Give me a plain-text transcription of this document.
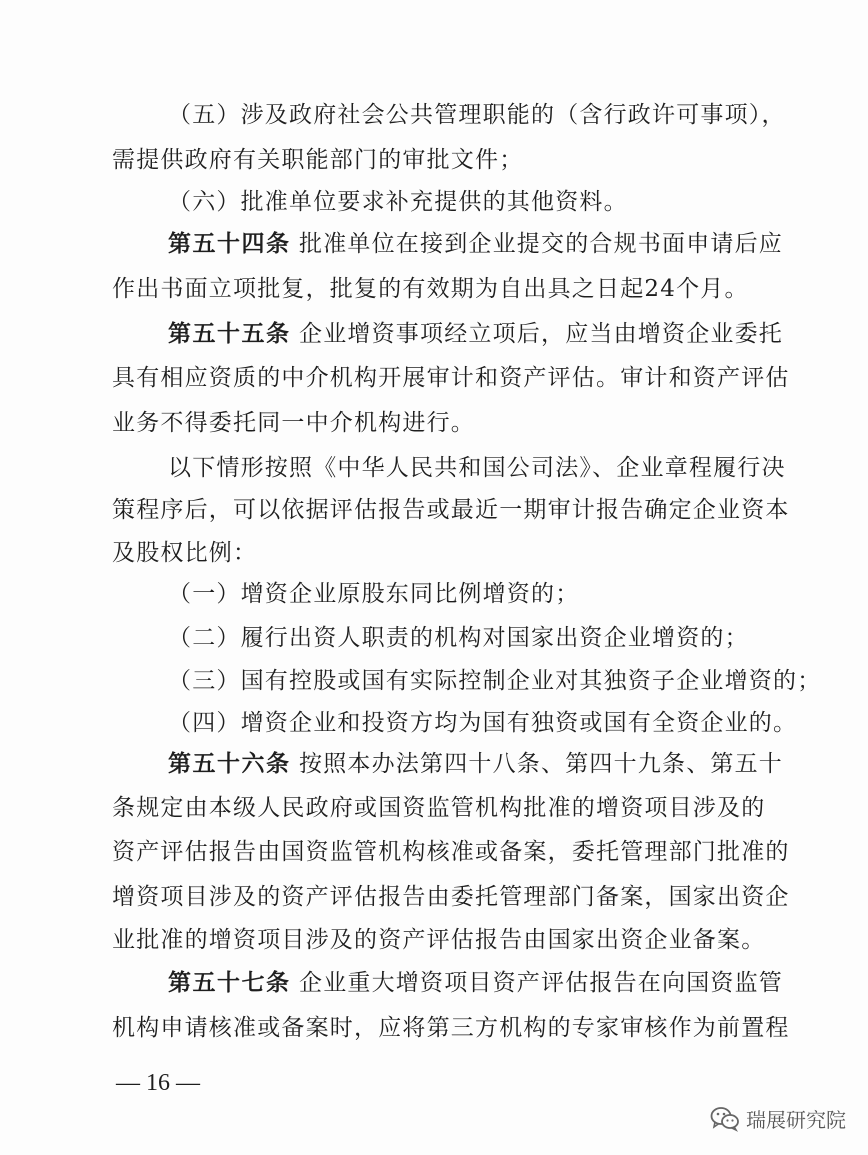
（五）涉及政府社会公共管理职能的（含行政许可事项），
需提供政府有关职能部门的审批文件；
（六）批准单位要求补充提供的其他资料。
第五十四条 批准单位在接到企业提交的合规书面申请后应
作出书面立项批复，批复的有效期为自出具之日起24个月。
第五十五条 企业增资事项经立项后，应当由增资企业委托
具有相应资质的中介机构开展审计和资产评估。审计和资产评估
业务不得委托同一中介机构进行。
以下情形按照《中华人民共和国公司法》、企业章程履行决
策程序后，可以依据评估报告或最近一期审计报告确定企业资本
及股权比例：
（一）增资企业原股东同比例增资的；
（二）履行出资人职责的机构对国家出资企业增资的；
（三）国有控股或国有实际控制企业对其独资子企业增资的；
（四）增资企业和投资方均为国有独资或国有全资企业的。
第五十六条 按照本办法第四十八条、第四十九条、第五十
条规定由本级人民政府或国资监管机构批准的增资项目涉及的
资产评估报告由国资监管机构核准或备案，委托管理部门批准的
增资项目涉及的资产评估报告由委托管理部门备案，国家出资企
业批准的增资项目涉及的资产评估报告由国家出资企业备案。
第五十七条 企业重大增资项目资产评估报告在向国资监管
机构申请核准或备案时，应将第三方机构的专家审核作为前置程
— 16 —
瑞展研究院
